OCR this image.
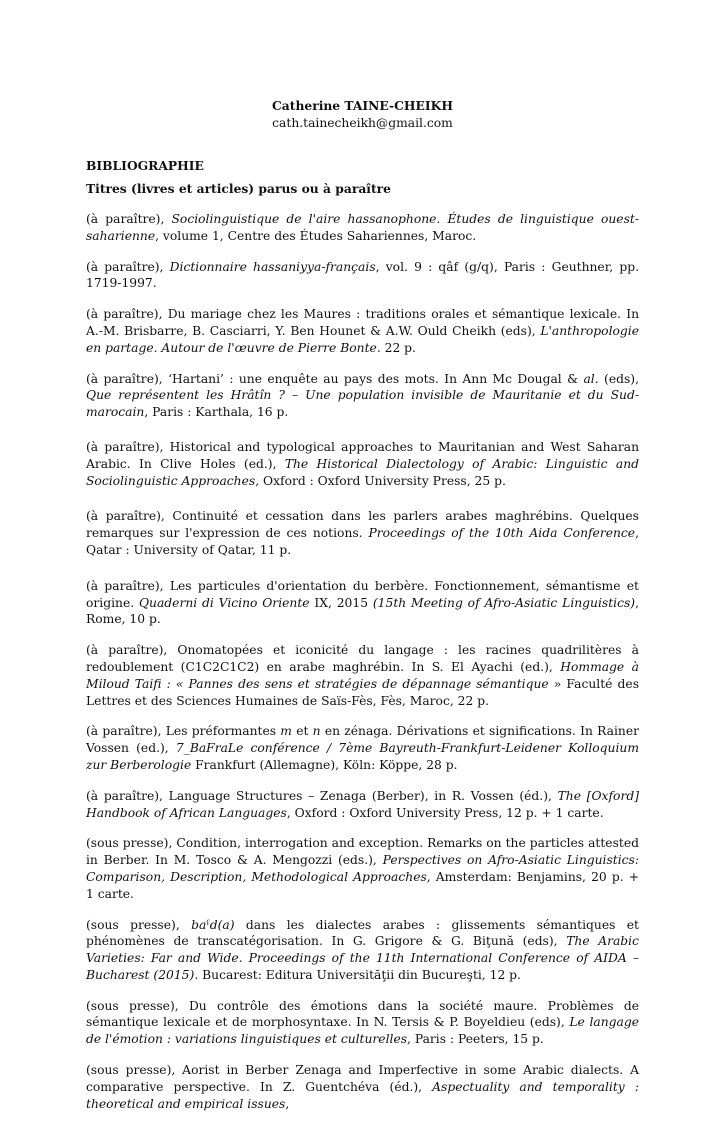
Catherine TAINE-CHEIKH
cath.tainecheikh@gmail.com
BIBLIOGRAPHIE
Titres (livres et articles) parus ou à paraître

(à paraître), Sociolinguistique de l'aire hassanophone. Études de linguistique ouest-saharienne, volume 1, Centre des Études Sahariennes, Maroc.

(à paraître), Dictionnaire hassaniyya-français, vol. 9 : qâf (g/q), Paris : Geuthner, pp. 1719-1997.

(à paraître), Du mariage chez les Maures : traditions orales et sémantique lexicale. In A.-M. Brisbarre, B. Casciarri, Y. Ben Hounet & A.W. Ould Cheikh (eds), L'anthropologie en partage. Autour de l'œuvre de Pierre Bonte. 22 p.

(à paraître), ‘Hartani’ : une enquête au pays des mots. In Ann Mc Dougal & al. (eds), Que représentent les Hrâtîn ? – Une population invisible de Mauritanie et du Sud-marocain, Paris : Karthala, 16 p.

(à paraître), Historical and typological approaches to Mauritanian and West Saharan Arabic. In Clive Holes (ed.), The Historical Dialectology of Arabic: Linguistic and Sociolinguistic Approaches, Oxford : Oxford University Press, 25 p.

(à paraître), Continuité et cessation dans les parlers arabes maghrébins. Quelques remarques sur l'expression de ces notions. Proceedings of the 10th Aida Conference, Qatar : University of Qatar, 11 p.

(à paraître), Les particules d'orientation du berbère. Fonctionnement, sémantisme et origine. Quaderni di Vicino Oriente IX, 2015 (15th Meeting of Afro-Asiatic Linguistics), Rome, 10 p.

(à paraître), Onomatopées et iconicité du langage : les racines quadrilitères à redoublement (C1C2C1C2) en arabe maghrébin. In S. El Ayachi (ed.), Hommage à Miloud Taifi : « Pannes des sens et stratégies de dépannage sémantique » Faculté des Lettres et des Sciences Humaines de Saïs-Fès, Fès, Maroc, 22 p.

(à paraître), Les préformantes m et n en zénaga. Dérivations et significations. In Rainer Vossen (ed.), 7_BaFraLe conférence / 7ème Bayreuth-Frankfurt-Leidener Kolloquium zur Berberologie Frankfurt (Allemagne), Köln: Köppe, 28 p.

(à paraître), Language Structures – Zenaga (Berber), in R. Vossen (éd.), The [Oxford] Handbook of African Languages, Oxford : Oxford University Press, 12 p. + 1 carte.

(sous presse), Condition, interrogation and exception. Remarks on the particles attested in Berber. In M. Tosco & A. Mengozzi (eds.), Perspectives on Afro-Asiatic Linguistics: Comparison, Description, Methodological Approaches, Amsterdam: Benjamins, 20 p. + 1 carte.

(sous presse), baˁd(a) dans les dialectes arabes : glissements sémantiques et phénomènes de transcatégorisation. In G. Grigore & G. Biţună (eds), The Arabic Varieties: Far and Wide. Proceedings of the 11th International Conference of AIDA – Bucharest (2015). Bucarest: Editura Universităţii din Bucureşti, 12 p.

(sous presse), Du contrôle des émotions dans la société maure. Problèmes de sémantique lexicale et de morphosyntaxe. In N. Tersis & P. Boyeldieu (eds), Le langage de l'émotion : variations linguistiques et culturelles, Paris : Peeters, 15 p.

(sous presse), Aorist in Berber Zenaga and Imperfective in some Arabic dialects. A comparative perspective. In Z. Guentchéva (éd.), Aspectuality and temporality : theoretical and empirical issues,
